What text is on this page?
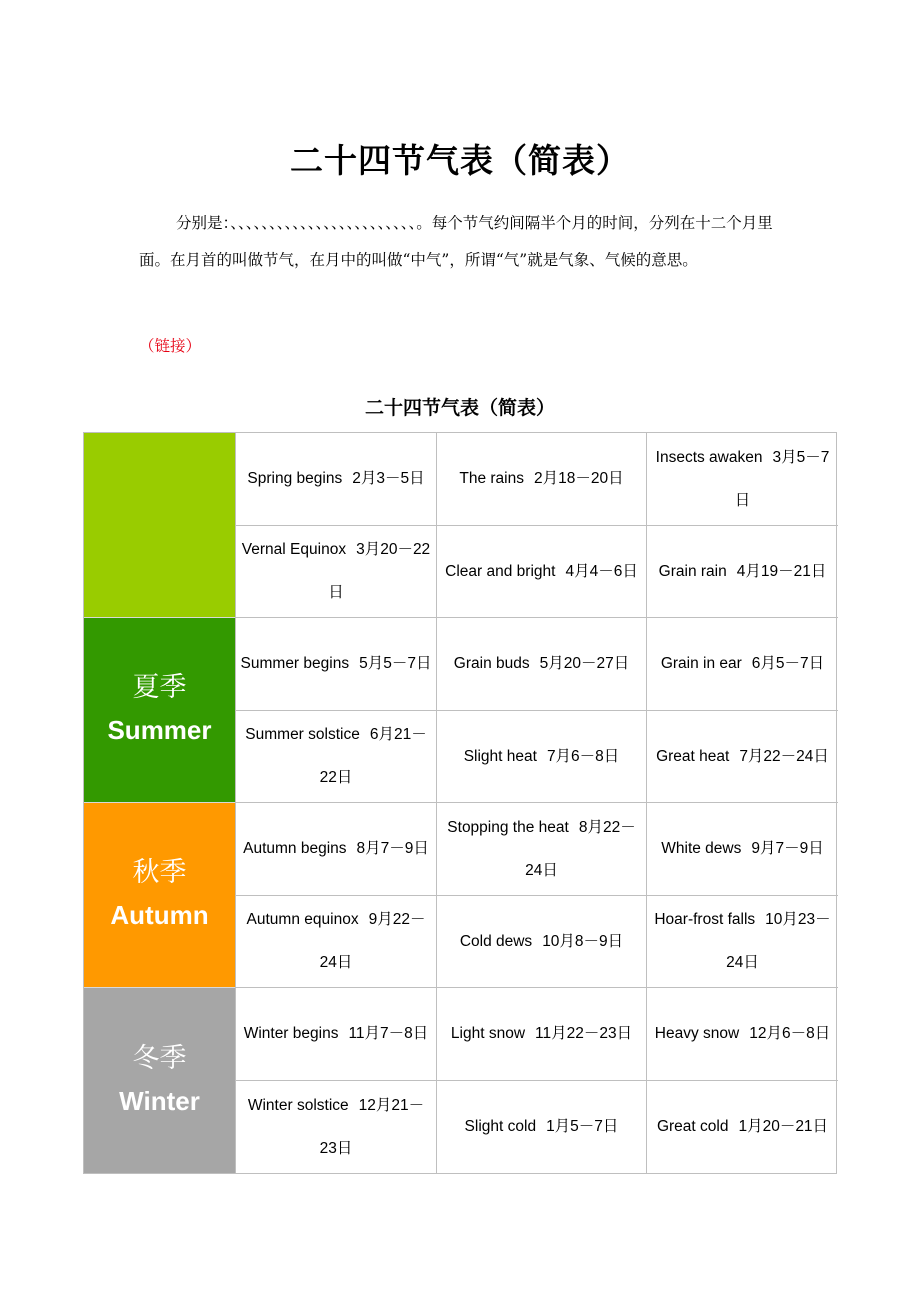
二十四节气表（简表）
分别是：、、、、、、、、、、、、、、、、、、、、、、、、。每个节气约间隔半个月的时间，分列在十二个月里面。在月首的叫做节气，在月中的叫做“中气”，所谓“气”就是气象、气候的意思。
（链接）
二十四节气表（简表）
Spring begins 2月3－5日 The rains 2月18－20日
Insects awaken 3月5－7日
Vernal Equinox 3月20－22日
Clear and bright 4月4－6日 Grain rain 4月19－21日
夏季
Summer
Summer begins 5月5－7日 Grain buds 5月20－27日 Grain in ear 6月5－7日
Summer solstice 6月21－22日
Slight heat 7月6－8日 Great heat 7月22－24日
秋季
Autumn
Autumn begins 8月7－9日
Stopping the heat 8月22－24日
White dews 9月7－9日
Autumn equinox 9月22－24日
Cold dews 10月8－9日
Hoar-frost falls 10月23－24日
冬季
Winter
Winter begins 11月7－8日 Light snow 11月22－23日 Heavy snow 12月6－8日
Winter solstice 12月21－23日
Slight cold 1月5－7日 Great cold 1月20－21日
